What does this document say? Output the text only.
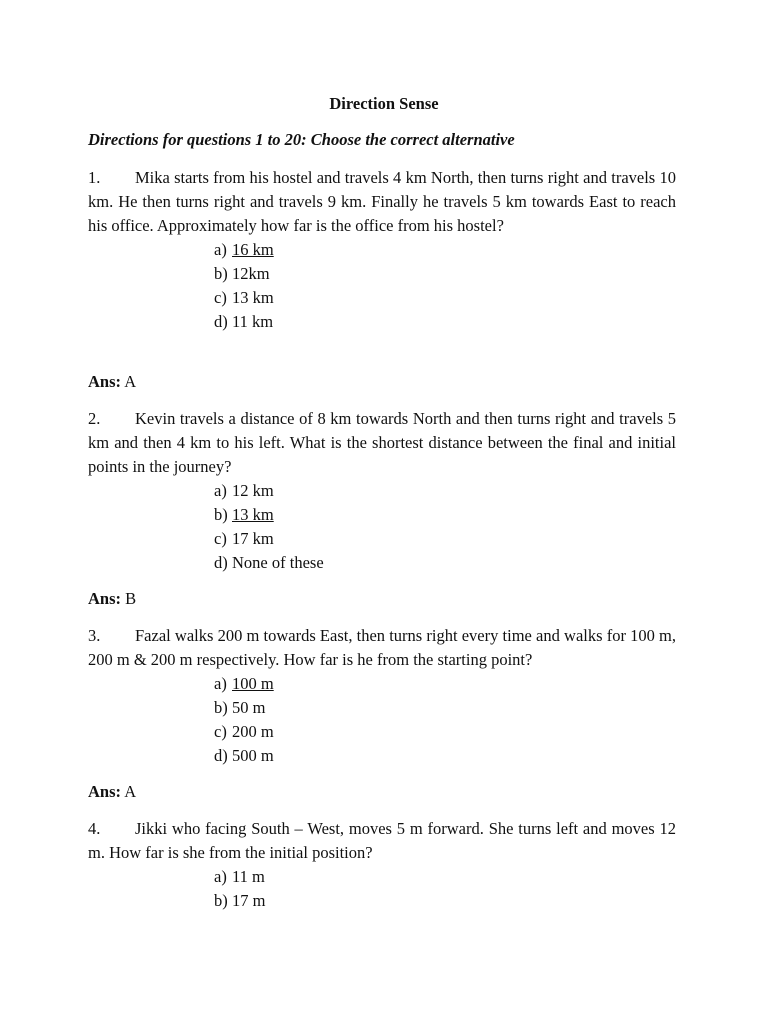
Direction Sense
Directions for questions 1 to 20: Choose the correct alternative

1. Mika starts from his hostel and travels 4 km North, then turns right and travels 10 km. He then turns right and travels 9 km. Finally he travels 5 km towards East to reach his office. Approximately how far is the office from his hostel?

a) 16 km
b) 12km
c) 13 km
d) 11 km
Ans: A

2. Kevin travels a distance of 8 km towards North and then turns right and travels 5 km and then 4 km to his left. What is the shortest distance between the final and initial points in the journey?

a) 12 km
b) 13 km
c) 17 km
d) None of these
Ans: B

3. Fazal walks 200 m towards East, then turns right every time and walks for 100 m, 200 m & 200 m respectively. How far is he from the starting point?

a) 100 m
b) 50 m
c) 200 m
d) 500 m
Ans: A

4. Jikki who facing South – West, moves 5 m forward. She turns left and moves 12 m. How far is she from the initial position?

a) 11 m
b) 17 m
